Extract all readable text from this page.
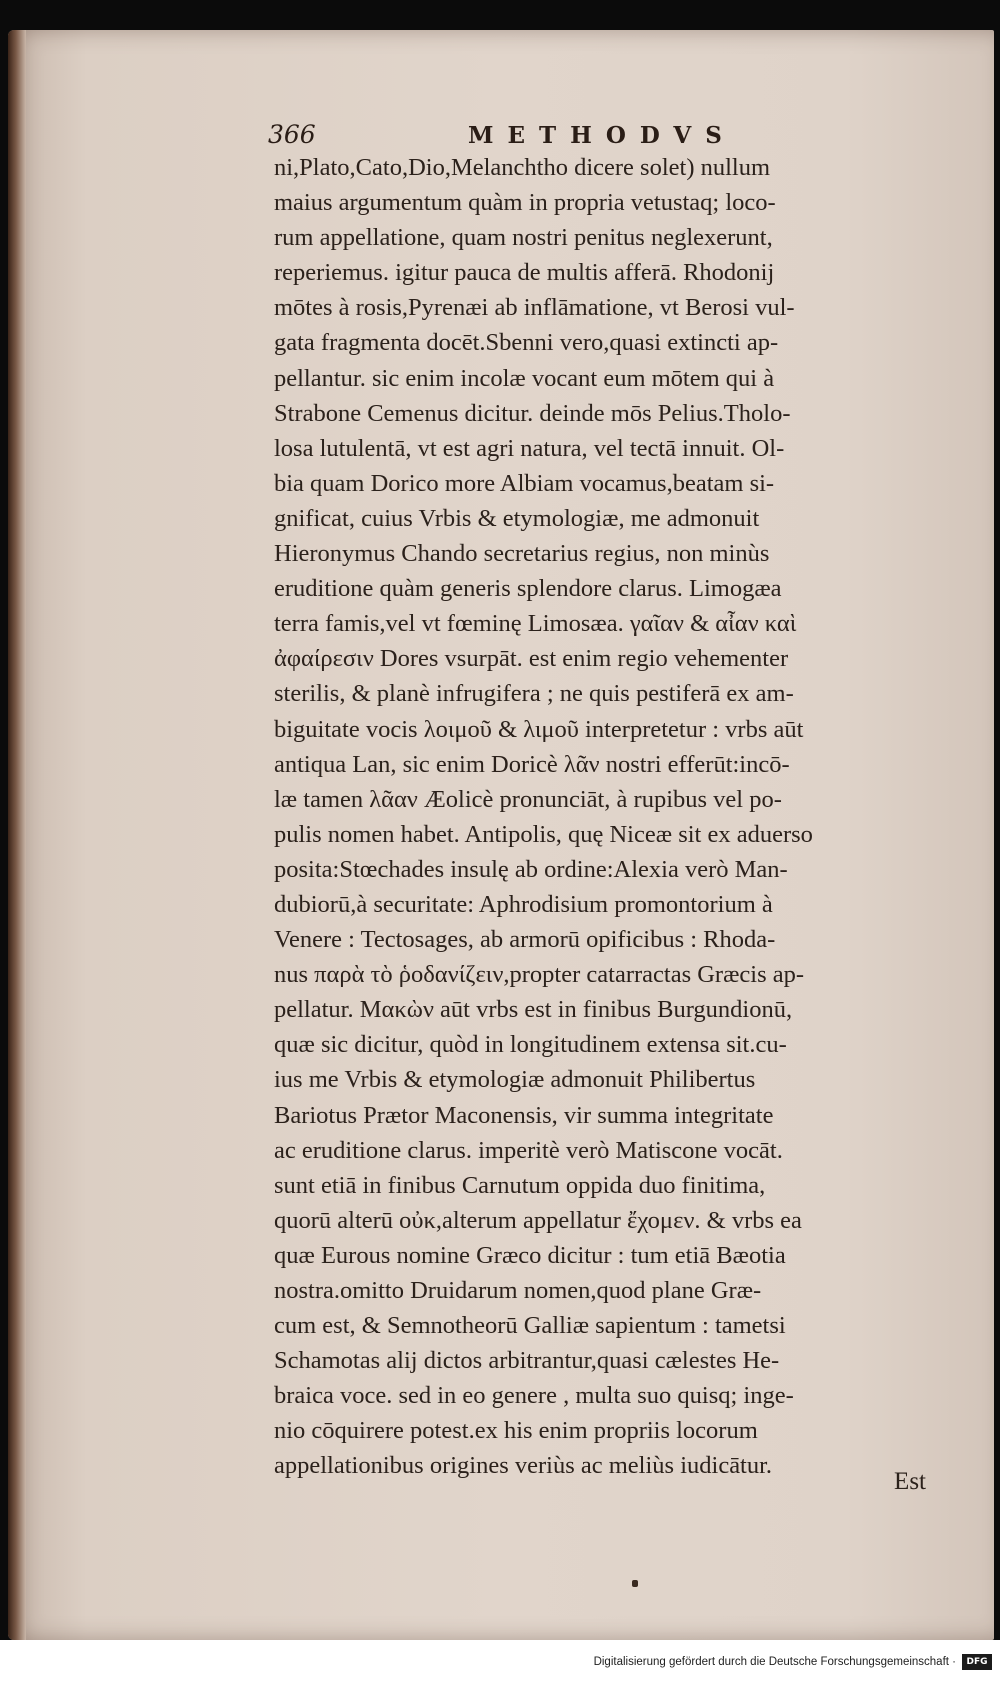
366	METHODVS
ni,Plato,Cato,Dio,Melanchtho dicere solet) nullum
maius argumentum quàm in propria vetustaq; loco-
rum appellatione, quam nostri penitus neglexerunt,
reperiemus. igitur pauca de multis afferā. Rhodonij
mōtes à rosis,Pyrenæi ab inflāmatione, vt Berosi vul-
gata fragmenta docēt.Sbenni vero,quasi extincti ap-
pellantur. sic enim incolæ vocant eum mōtem qui à
Strabone Cemenus dicitur. deinde mōs Pelius.Tholo-
losa lutulentā, vt est agri natura, vel tectā innuit. Ol-
bia quam Dorico more Albiam vocamus,beatam si-
gnificat, cuius Vrbis & etymologiæ, me admonuit
Hieronymus Chando secretarius regius, non minùs
eruditione quàm generis splendore clarus. Limogæa
terra famis,vel vt fœminę Limosæa. γαῖαν & αἶαν καὶ
ἀφαίρεσιν Dores vsurpāt. est enim regio vehementer
sterilis, & planè infrugifera ; ne quis pestiferā ex am-
biguitate vocis λοιμοῦ & λιμοῦ interpretetur : vrbs aūt
antiqua Lan, sic enim Doricè λᾶν nostri efferūt:incō-
læ tamen λᾶαν Æolicè pronunciāt, à rupibus vel po-
pulis nomen habet. Antipolis, quę Niceæ sit ex aduerso
posita:Stœchades insulę ab ordine:Alexia verò Man-
dubiorū,à securitate: Aphrodisium promontorium à
Venere : Tectosages, ab armorū opificibus : Rhoda-
nus παρὰ τὸ ῥοδανίζειν,propter catarractas Græcis ap-
pellatur. Μακὼν aūt vrbs est in finibus Burgundionū,
quæ sic dicitur, quòd in longitudinem extensa sit.cu-
ius me Vrbis & etymologiæ admonuit Philibertus
Bariotus Prætor Maconensis, vir summa integritate
ac eruditione clarus. imperitè verò Matiscone vocāt.
sunt etiā in finibus Carnutum oppida duo finitima,
quorū alterū οὐκ,alterum appellatur ἔχομεν. & vrbs ea
quæ Eurous nomine Græco dicitur : tum etiā Bæotia
nostra.omitto Druidarum nomen,quod plane Græ-
cum est, & Semnotheorū Galliæ sapientum : tametsi
Schamotas alij dictos arbitrantur,quasi cælestes He-
braica voce. sed in eo genere , multa suo quisq; inge-
nio cōquirere potest.ex his enim propriis locorum
appellationibus origines veriùs ac meliùs iudicātur.
Est
Digitalisierung gefördert durch die Deutsche Forschungsgemeinschaft ·	DFG
